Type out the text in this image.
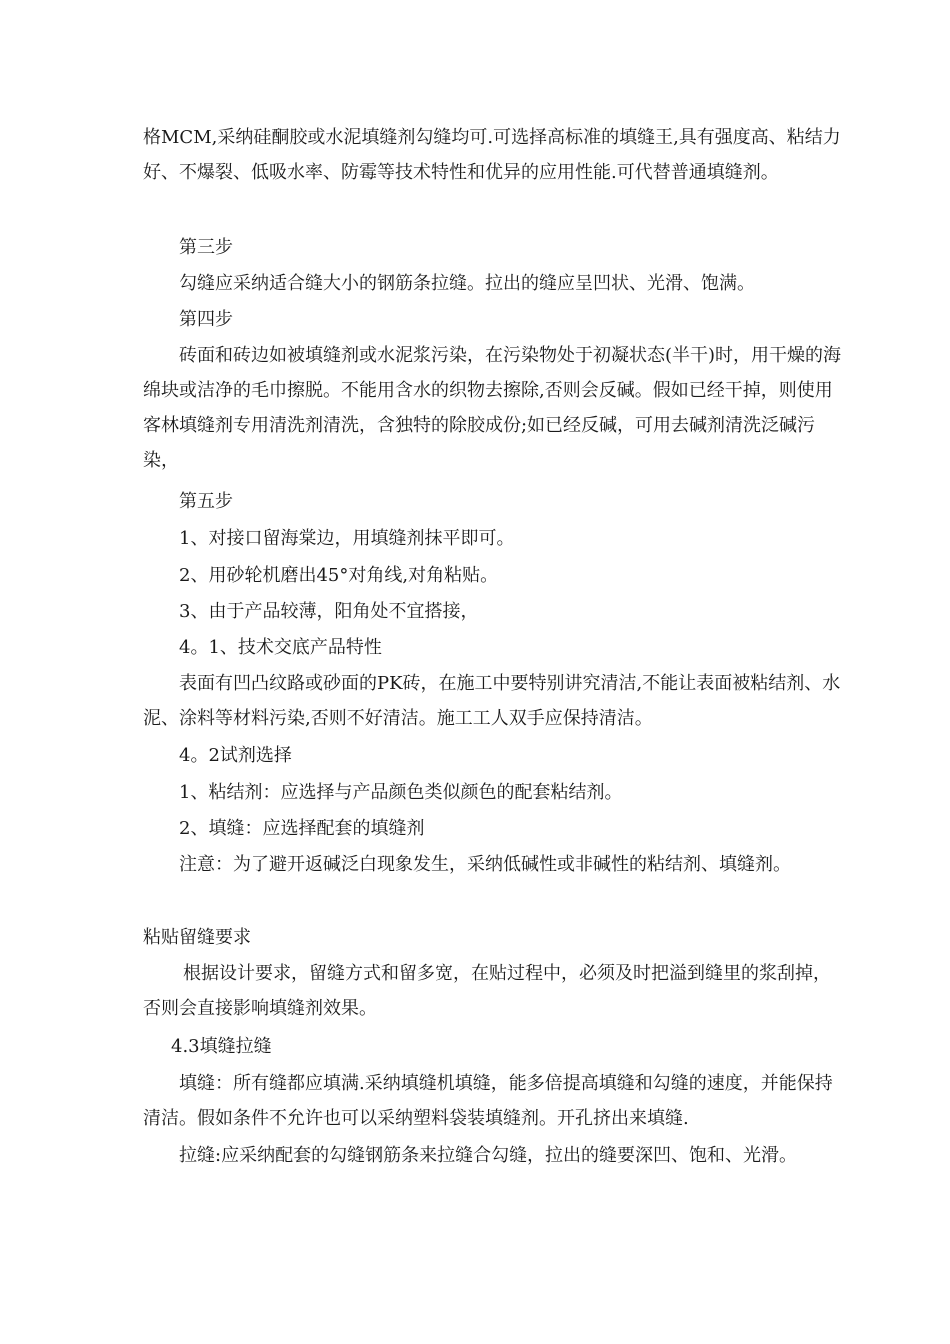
格MCM,采纳硅酮胶或水泥填缝剂勾缝均可.可选择高标准的填缝王,具有强度高、粘结力好、不爆裂、低吸水率、防霉等技术特性和优异的应用性能.可代替普通填缝剂。

第三步

勾缝应采纳适合缝大小的钢筋条拉缝。拉出的缝应呈凹状、光滑、饱满。

第四步

砖面和砖边如被填缝剂或水泥浆污染，在污染物处于初凝状态(半干)时，用干燥的海绵块或洁净的毛巾擦脱。不能用含水的织物去擦除,否则会反碱。假如已经干掉，则使用客林填缝剂专用清洗剂清洗，含独特的除胶成份;如已经反碱，可用去碱剂清洗泛碱污染，

第五步

1、对接口留海棠边，用填缝剂抹平即可。

2、用砂轮机磨出45°对角线,对角粘贴。

3、由于产品较薄，阳角处不宜搭接，

4。1、技术交底产品特性

表面有凹凸纹路或砂面的PK砖，在施工中要特别讲究清洁,不能让表面被粘结剂、水泥、涂料等材料污染,否则不好清洁。施工工人双手应保持清洁。

4。2试剂选择

1、粘结剂：应选择与产品颜色类似颜色的配套粘结剂。

2、填缝：应选择配套的填缝剂

注意：为了避开返碱泛白现象发生，采纳低碱性或非碱性的粘结剂、填缝剂。

粘贴留缝要求

根据设计要求，留缝方式和留多宽，在贴过程中，必须及时把溢到缝里的浆刮掉，否则会直接影响填缝剂效果。

4.3填缝拉缝

填缝：所有缝都应填满.采纳填缝机填缝，能多倍提高填缝和勾缝的速度，并能保持清洁。假如条件不允许也可以采纳塑料袋装填缝剂。开孔挤出来填缝.

拉缝:应采纳配套的勾缝钢筋条来拉缝合勾缝，拉出的缝要深凹、饱和、光滑。
